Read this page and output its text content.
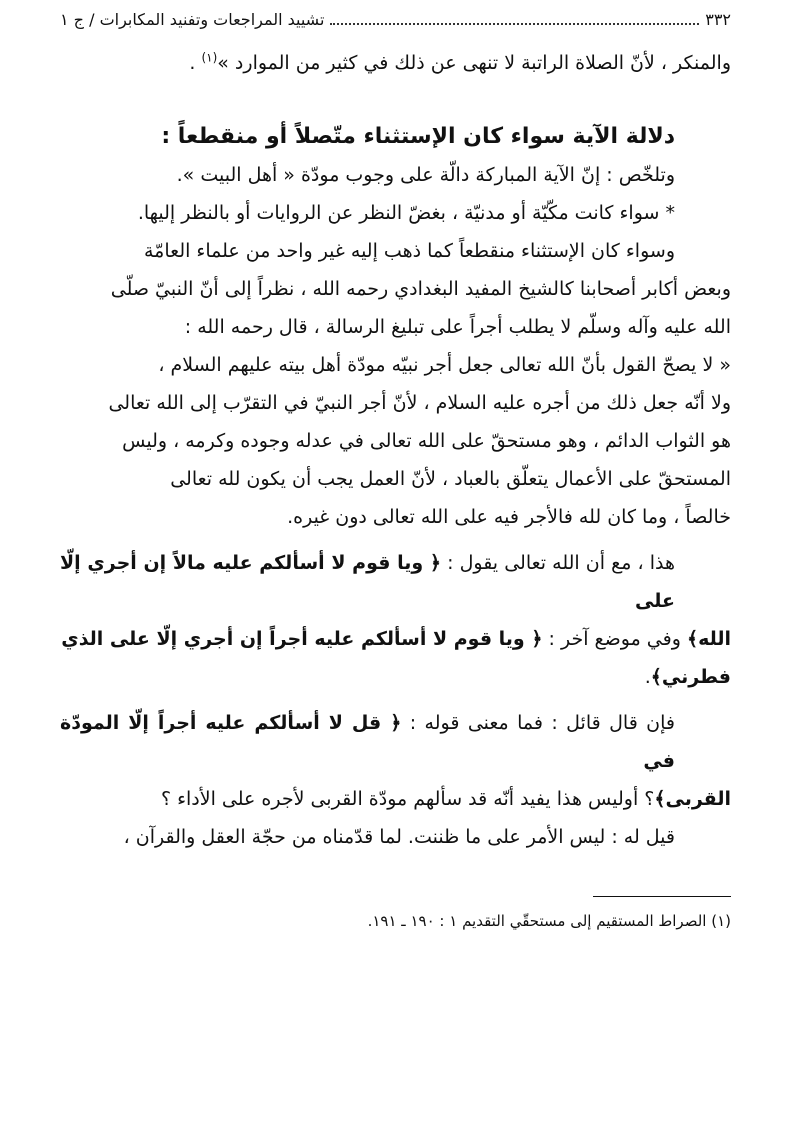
٣٣٢
تشييد المراجعات وتفنيد المكابرات / ج ١
والمنكر ، لأنّ الصلاة الراتبة لا تنهى عن ذلك في كثير من الموارد »$^{(١)}$ .
دلالة الآية سواء كان الإستثناء متّصلاً أو منقطعاً :
وتلخّص : إنّ الآية المباركة دالّة على وجوب مودّة « أهل البيت ».
* سواء كانت مكّيّة أو مدنيّة ، بغضّ النظر عن الروايات أو بالنظر إليها.
وسواء كان الإستثناء منقطعاً كما ذهب إليه غير واحد من علماء العامّة
وبعض أكابر أصحابنا كالشيخ المفيد البغدادي رحمه الله ، نظراً إلى أنّ النبيّ صلّى
الله عليه وآله وسلّم لا يطلب أجراً على تبليغ الرسالة ، قال رحمه الله :
« لا يصحّ القول بأنّ الله تعالى جعل أجر نبيّه مودّة أهل بيته عليهم السلام ،
ولا أنّه جعل ذلك من أجره عليه السلام ، لأنّ أجر النبيّ في التقرّب إلى الله تعالى
هو الثواب الدائم ، وهو مستحقّ على الله تعالى في عدله وجوده وكرمه ، وليس
المستحقّ على الأعمال يتعلّق بالعباد ، لأنّ العمل يجب أن يكون لله تعالى
خالصاً ، وما كان لله فالأجر فيه على الله تعالى دون غيره.
هذا ، مع أن الله تعالى يقول : ﴿ ويا قوم لا أسألكم عليه مالاً إن أجري إلّا على
الله﴾ وفي موضع آخر : ﴿ ويا قوم لا أسألكم عليه أجراً إن أجري إلّا على الذي
فطرني﴾.
فإن قال قائل : فما معنى قوله : ﴿ قل لا أسألكم عليه أجراً إلّا المودّة في
القربى﴾؟ أوليس هذا يفيد أنّه قد سألهم مودّة القربى لأجره على الأداء ؟
قيل له : ليس الأمر على ما ظننت. لما قدّمناه من حجّة العقل والقرآن ،
(١) الصراط المستقيم إلى مستحقّي التقديم ١ : ١٩٠ ـ ١٩١.
